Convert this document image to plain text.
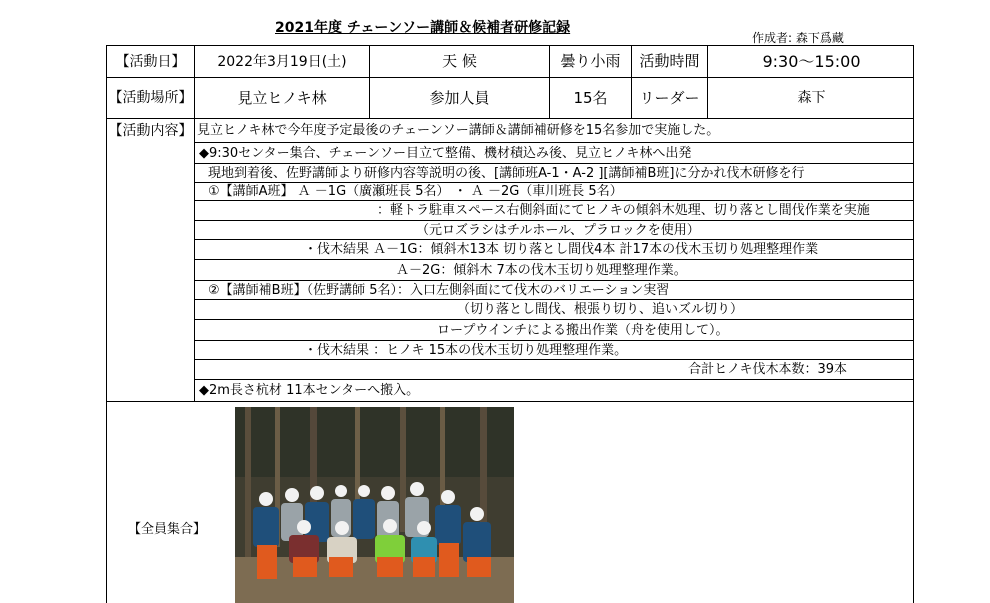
2021年度 チェーンソー講師＆候補者研修記録
作成者: 森下爲藏
【活動日】	2022年3月19日(土)	天 候	曇り小雨	活動時間	9:30～15:00
【活動場所】	見立ヒノキ林	参加人員	15名	リーダー	森下
【活動内容】 見立ヒノキ林で今年度予定最後のチェーンソー講師＆講師補研修を15名参加で実施した。
◆9:30センター集合、チェーンソー目立て整備、機材積込み後、見立ヒノキ林へ出発
現地到着後、佐野講師より研修内容等説明の後、[講師班A-1・A-2 ][講師補B班]に分かれ伐木研修を行
①【講師A班】 Ａ －1G（廣瀬班長 5名） ・ Ａ －2G（車川班長 5名）
：軽トラ駐車スペース右側斜面にてヒノキの傾斜木処理、切り落とし間伐作業を実施
（元ロズラシはチルホール、プラロックを使用）
・伐木結果 Ａ－1G：傾斜木13本 切り落とし間伐4本 計17本の伐木玉切り処理整理作業
Ａ－2G：傾斜木 7本の伐木玉切り処理整理作業。
②【講師補B班】（佐野講師 5名）：入口左側斜面にて伐木のバリエーション実習
（切り落とし間伐、根張り切り、追いズル切り）
ロープウインチによる搬出作業（舟を使用して）。
・伐木結果 ：ヒノキ 15本の伐木玉切り処理整理作業。
合計ヒノキ伐木本数：39本
◆2m長さ杭材 11本センターへ搬入。
【全員集合】
